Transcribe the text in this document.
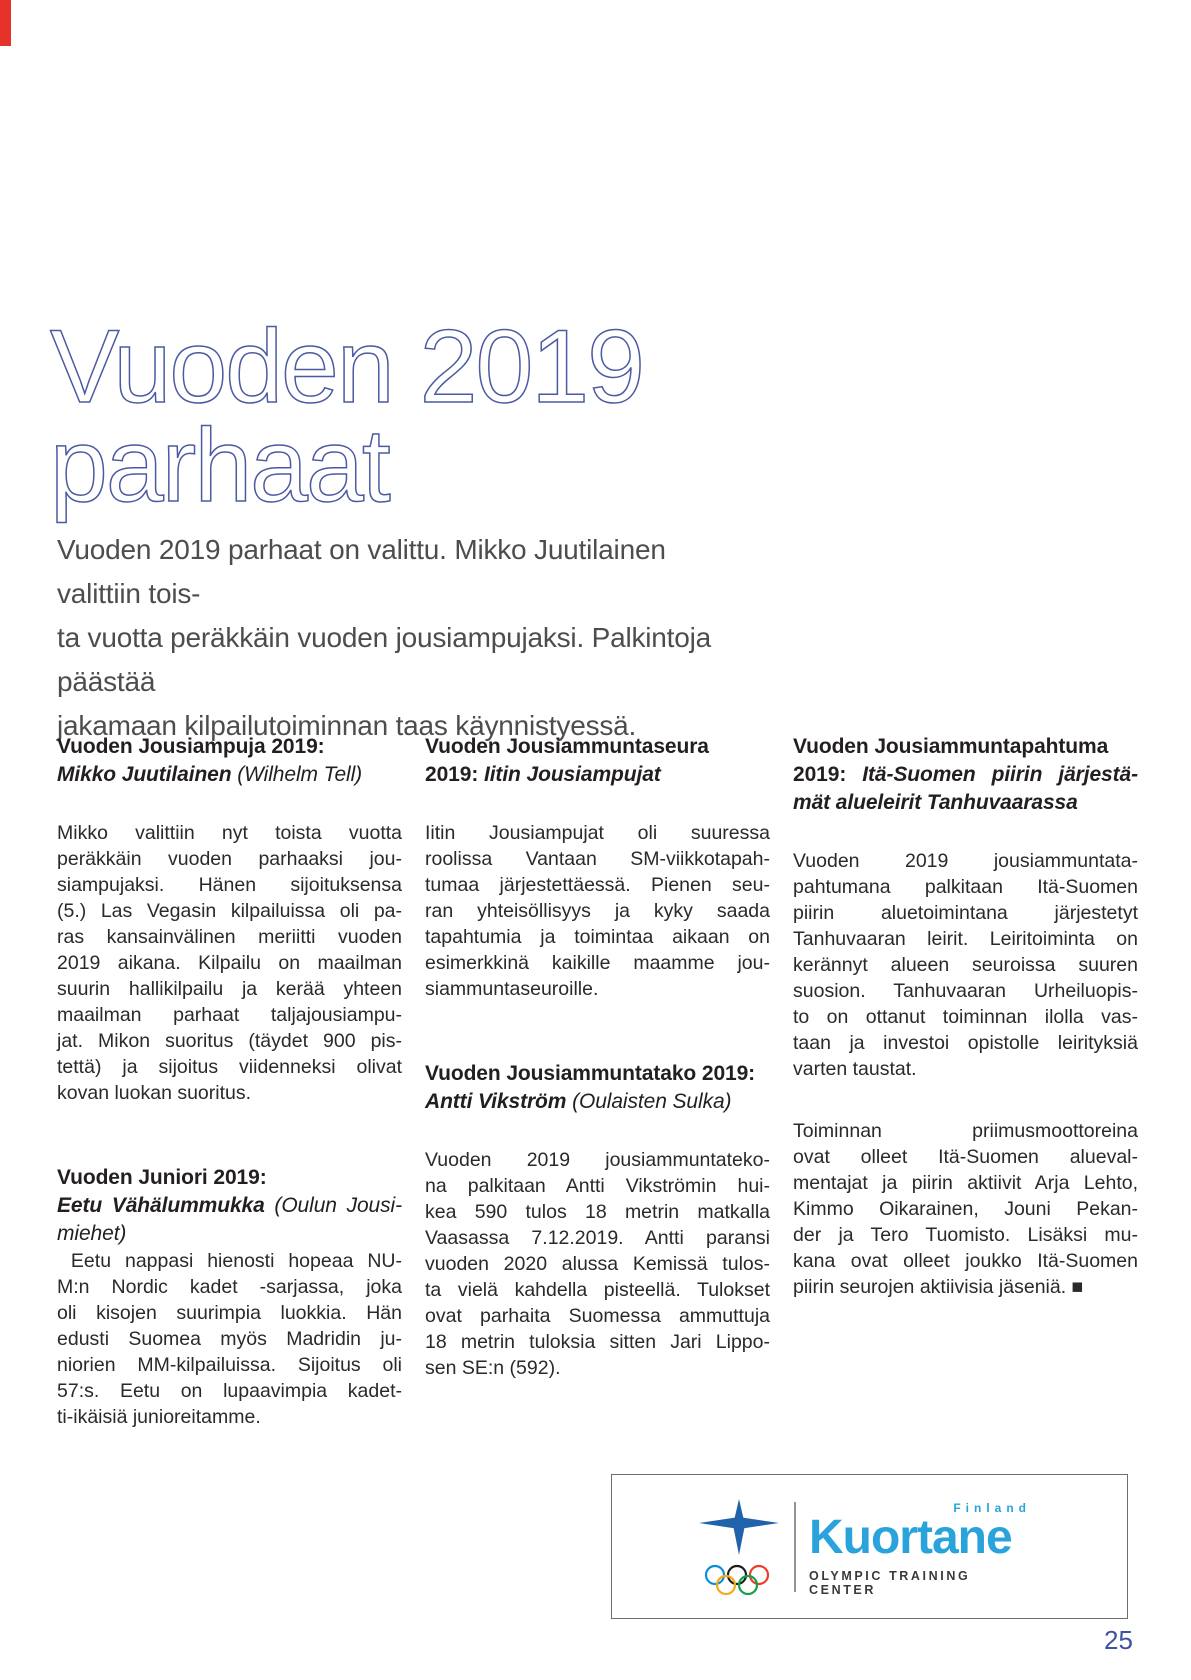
Vuoden 2019
parhaat
Vuoden 2019 parhaat on valittu. Mikko Juutilainen valittiin tois-
ta vuotta peräkkäin vuoden jousiampujaksi. Palkintoja päästää
jakamaan kilpailutoiminnan taas käynnistyessä.
Vuoden Jousiampuja 2019:
Mikko Juutilainen (Wilhelm Tell)
Mikko valittiin nyt toista vuotta
peräkkäin vuoden parhaaksi jou-
siampujaksi. Hänen sijoituksensa
(5.) Las Vegasin kilpailuissa oli pa-
ras kansainvälinen meriitti vuoden
2019 aikana. Kilpailu on maailman
suurin hallikilpailu ja kerää yhteen
maailman parhaat taljajousiampu-
jat. Mikon suoritus (täydet 900 pis-
tettä) ja sijoitus viidenneksi olivat
kovan luokan suoritus.
Vuoden Juniori 2019:
Eetu Vähälummukka (Oulun Jousi-
miehet)
Eetu nappasi hienosti hopeaa NU-
M:n Nordic kadet -sarjassa, joka
oli kisojen suurimpia luokkia. Hän
edusti Suomea myös Madridin ju-
niorien MM-kilpailuissa. Sijoitus oli
57:s. Eetu on lupaavimpia kadet-
ti-ikäisiä junioreitamme.
Vuoden Jousiammuntaseura
2019: Iitin Jousiampujat
Iitin Jousiampujat oli suuressa
roolissa Vantaan SM-viikkotapah-
tumaa järjestettäessä. Pienen seu-
ran yhteisöllisyys ja kyky saada
tapahtumia ja toimintaa aikaan on
esimerkkinä kaikille maamme jou-
siammuntaseuroille.
Vuoden Jousiammuntatako 2019:
Antti Vikström (Oulaisten Sulka)
Vuoden 2019 jousiammuntateko-
na palkitaan Antti Vikströmin hui-
kea 590 tulos 18 metrin matkalla
Vaasassa 7.12.2019. Antti paransi
vuoden 2020 alussa Kemissä tulos-
ta vielä kahdella pisteellä. Tulokset
ovat parhaita Suomessa ammuttuja
18 metrin tuloksia sitten Jari Lippo-
sen SE:n (592).
Vuoden Jousiammuntapahtuma
2019: Itä-Suomen piirin järjestä-
mät alueleirit Tanhuvaarassa
Vuoden 2019 jousiammuntata-
pahtumana palkitaan Itä-Suomen
piirin aluetoimintana järjestetyt
Tanhuvaaran leirit. Leiritoiminta on
kerännyt alueen seuroissa suuren
suosion. Tanhuvaaran Urheiluopis-
to on ottanut toiminnan ilolla vas-
taan ja investoi opistolle leirityksiä
varten taustat.
Toiminnan priimusmoottoreina
ovat olleet Itä-Suomen alueval-
mentajat ja piirin aktiivit Arja Lehto,
Kimmo Oikarainen, Jouni Pekan-
der ja Tero Tuomisto. Lisäksi mu-
kana ovat olleet joukko Itä-Suomen
piirin seurojen aktiivisia jäseniä. ■
Finland
Kuortane
OLYMPIC TRAINING CENTER
25
